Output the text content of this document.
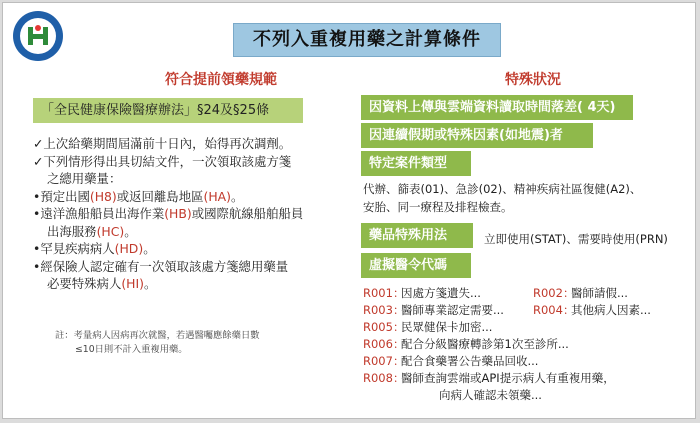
不列入重複用藥之計算條件
符合提前領藥規範	特殊狀況
「全民健康保險醫療辦法」§24及§25條
✓上次給藥期間屆滿前十日內，始得再次調劑。
✓下列情形得出具切結文件，一次領取該處方箋
之總用藥量：
•預定出國(H8)或返回離島地區(HA)。
•遠洋漁船船員出海作業(HB)或國際航線船舶船員
出海服務(HC)。
•罕見疾病病人(HD)。
•經保險人認定確有一次領取該處方箋總用藥量
必要特殊病人(HI)。
註：考量病人因病再次就醫，若遇醫囑應餘藥日數
≤10日則不計入重複用藥。
因資料上傳與雲端資料讀取時間落差( 4天)
因連續假期或特殊因素(如地震)者
特定案件類型
代辦、篩表(01)、急診(02)、精神疾病社區復健(A2)、
安胎、同一療程及排程檢查。
藥品特殊用法	立即使用(STAT)、需要時使用(PRN)
虛擬醫令代碼
R001：因處方箋遺失...	R002：醫師請假...
R003：醫師專業認定需要...	R004：其他病人因素...
R005：民眾健保卡加密...
R006：配合分級醫療轉診第1次至診所...
R007：配合食藥署公告藥品回收...
R008：醫師查詢雲端或API提示病人有重複用藥，
向病人確認未領藥...
